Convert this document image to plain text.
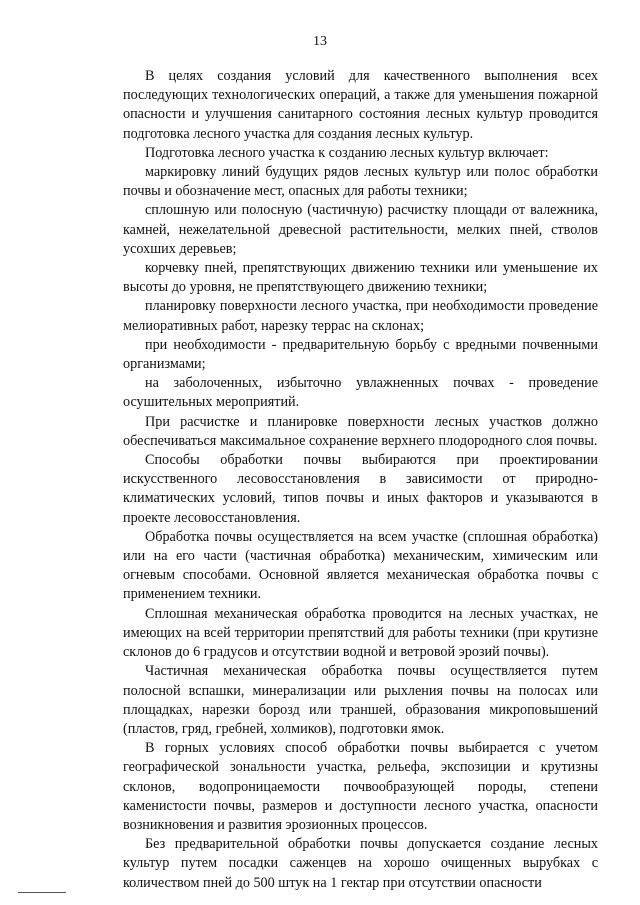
13

В целях создания условий для качественного выполнения всех последующих технологических операций, а также для уменьшения пожарной опасности и улучшения санитарного состояния лесных культур проводится подготовка лесного участка для создания лесных культур.

Подготовка лесного участка к созданию лесных культур включает:

маркировку линий будущих рядов лесных культур или полос обработки почвы и обозначение мест, опасных для работы техники;

сплошную или полосную (частичную) расчистку площади от валежника, камней, нежелательной древесной растительности, мелких пней, стволов усохших деревьев;

корчевку пней, препятствующих движению техники или уменьшение их высоты до уровня, не препятствующего движению техники;

планировку поверхности лесного участка, при необходимости проведение мелиоративных работ, нарезку террас на склонах;

при необходимости - предварительную борьбу с вредными почвенными организмами;

на заболоченных, избыточно увлажненных почвах - проведение осушительных мероприятий.

При расчистке и планировке поверхности лесных участков должно обеспечиваться максимальное сохранение верхнего плодородного слоя почвы.

Способы обработки почвы выбираются при проектировании искусственного лесовосстановления в зависимости от природно-климатических условий, типов почвы и иных факторов и указываются в проекте лесовосстановления.

Обработка почвы осуществляется на всем участке (сплошная обработка) или на его части (частичная обработка) механическим, химическим или огневым способами. Основной является механическая обработка почвы с применением техники.

Сплошная механическая обработка проводится на лесных участках, не имеющих на всей территории препятствий для работы техники (при крутизне склонов до 6 градусов и отсутствии водной и ветровой эрозий почвы).

Частичная механическая обработка почвы осуществляется путем полосной вспашки, минерализации или рыхления почвы на полосах или площадках, нарезки борозд или траншей, образования микроповышений (пластов, гряд, гребней, холмиков), подготовки ямок.

В горных условиях способ обработки почвы выбирается с учетом географической зональности участка, рельефа, экспозиции и крутизны склонов, водопроницаемости почвообразующей породы, степени каменистости почвы, размеров и доступности лесного участка, опасности возникновения и развития эрозионных процессов.

Без предварительной обработки почвы допускается создание лесных культур путем посадки саженцев на хорошо очищенных вырубках с количеством пней до 500 штук на 1 гектар при отсутствии опасности
